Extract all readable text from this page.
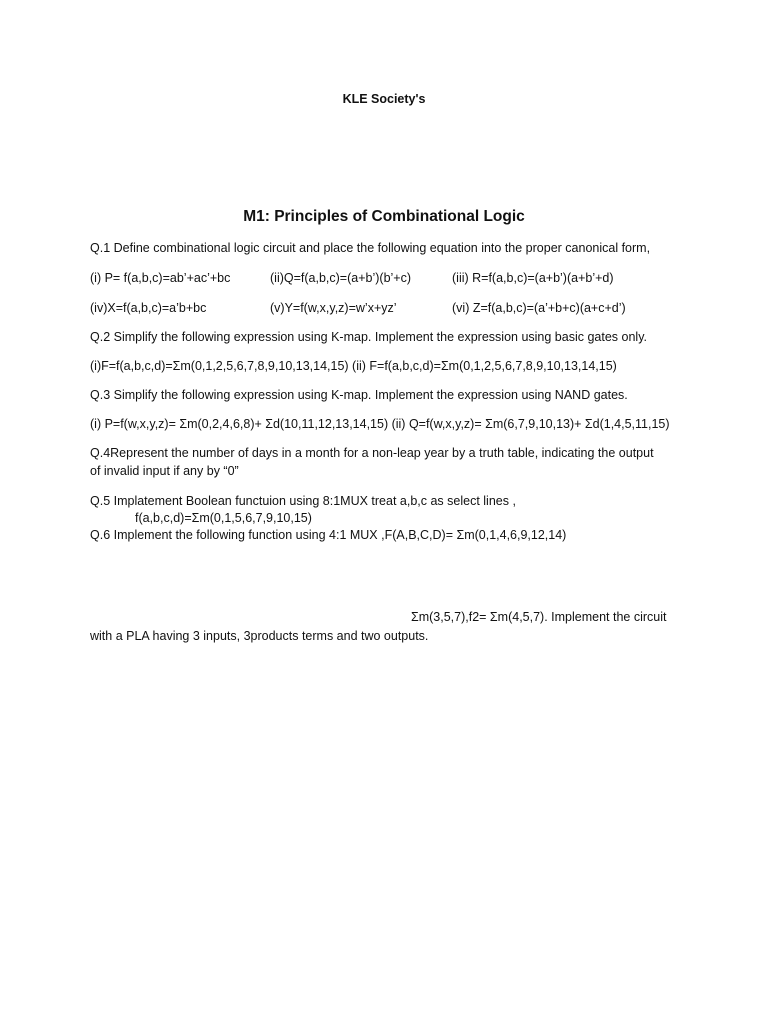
KLE Society's
M1: Principles of Combinational Logic
Q.1 Define combinational logic circuit and place the following equation into the proper canonical form,
(i) P= f(a,b,c)=ab’+ac’+bc	(ii)Q=f(a,b,c)=(a+b’)(b’+c)	(iii) R=f(a,b,c)=(a+b’)(a+b’+d)
(iv)X=f(a,b,c)=a’b+bc	(v)Y=f(w,x,y,z)=w’x+yz’	(vi) Z=f(a,b,c)=(a’+b+c)(a+c+d’)
Q.2 Simplify the following expression using K-map. Implement the expression using basic gates only.
(i)F=f(a,b,c,d)=Σm(0,1,2,5,6,7,8,9,10,13,14,15) (ii) F=f(a,b,c,d)=Σm(0,1,2,5,6,7,8,9,10,13,14,15)
Q.3 Simplify the following expression using K-map. Implement the expression using NAND gates.
(i) P=f(w,x,y,z)= Σm(0,2,4,6,8)+ Σd(10,11,12,13,14,15) (ii) Q=f(w,x,y,z)= Σm(6,7,9,10,13)+ Σd(1,4,5,11,15)
Q.4Represent the number of days in a month for a non-leap year by a truth table, indicating the output
of invalid input if any by “0”
Q.5 Implatement Boolean functuion using 8:1MUX treat a,b,c as select lines ,
f(a,b,c,d)=Σm(0,1,5,6,7,9,10,15)
Q.6 Implement the following function using 4:1 MUX ,F(A,B,C,D)= Σm(0,1,4,6,9,12,14)
Σm(3,5,7),f2= Σm(4,5,7). Implement the circuit
with a PLA having 3 inputs, 3products terms and two outputs.
